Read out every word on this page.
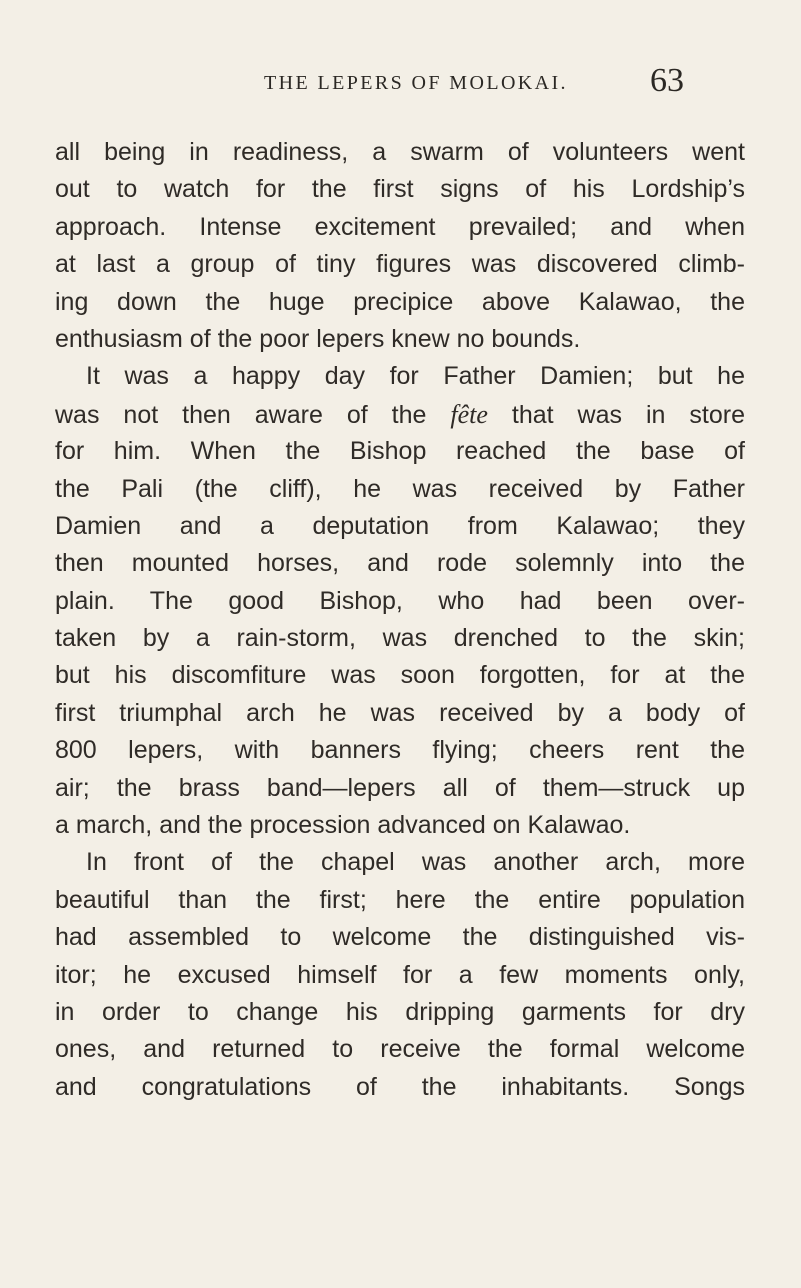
THE LEPERS OF MOLOKAI.	63
all being in readiness, a swarm of volunteers went
out to watch for the first signs of his Lordship’s
approach. Intense excitement prevailed; and when
at last a group of tiny figures was discovered climb-
ing down the huge precipice above Kalawao, the
enthusiasm of the poor lepers knew no bounds.
It was a happy day for Father Damien; but he
was not then aware of the fête that was in store
for him. When the Bishop reached the base of
the Pali (the cliff), he was received by Father
Damien and a deputation from Kalawao; they
then mounted horses, and rode solemnly into the
plain. The good Bishop, who had been over-
taken by a rain-storm, was drenched to the skin;
but his discomfiture was soon forgotten, for at the
first triumphal arch he was received by a body of
800 lepers, with banners flying; cheers rent the
air; the brass band—lepers all of them—struck up
a march, and the procession advanced on Kalawao.
In front of the chapel was another arch, more
beautiful than the first; here the entire population
had assembled to welcome the distinguished vis-
itor; he excused himself for a few moments only,
in order to change his dripping garments for dry
ones, and returned to receive the formal welcome
and congratulations of the inhabitants. Songs
